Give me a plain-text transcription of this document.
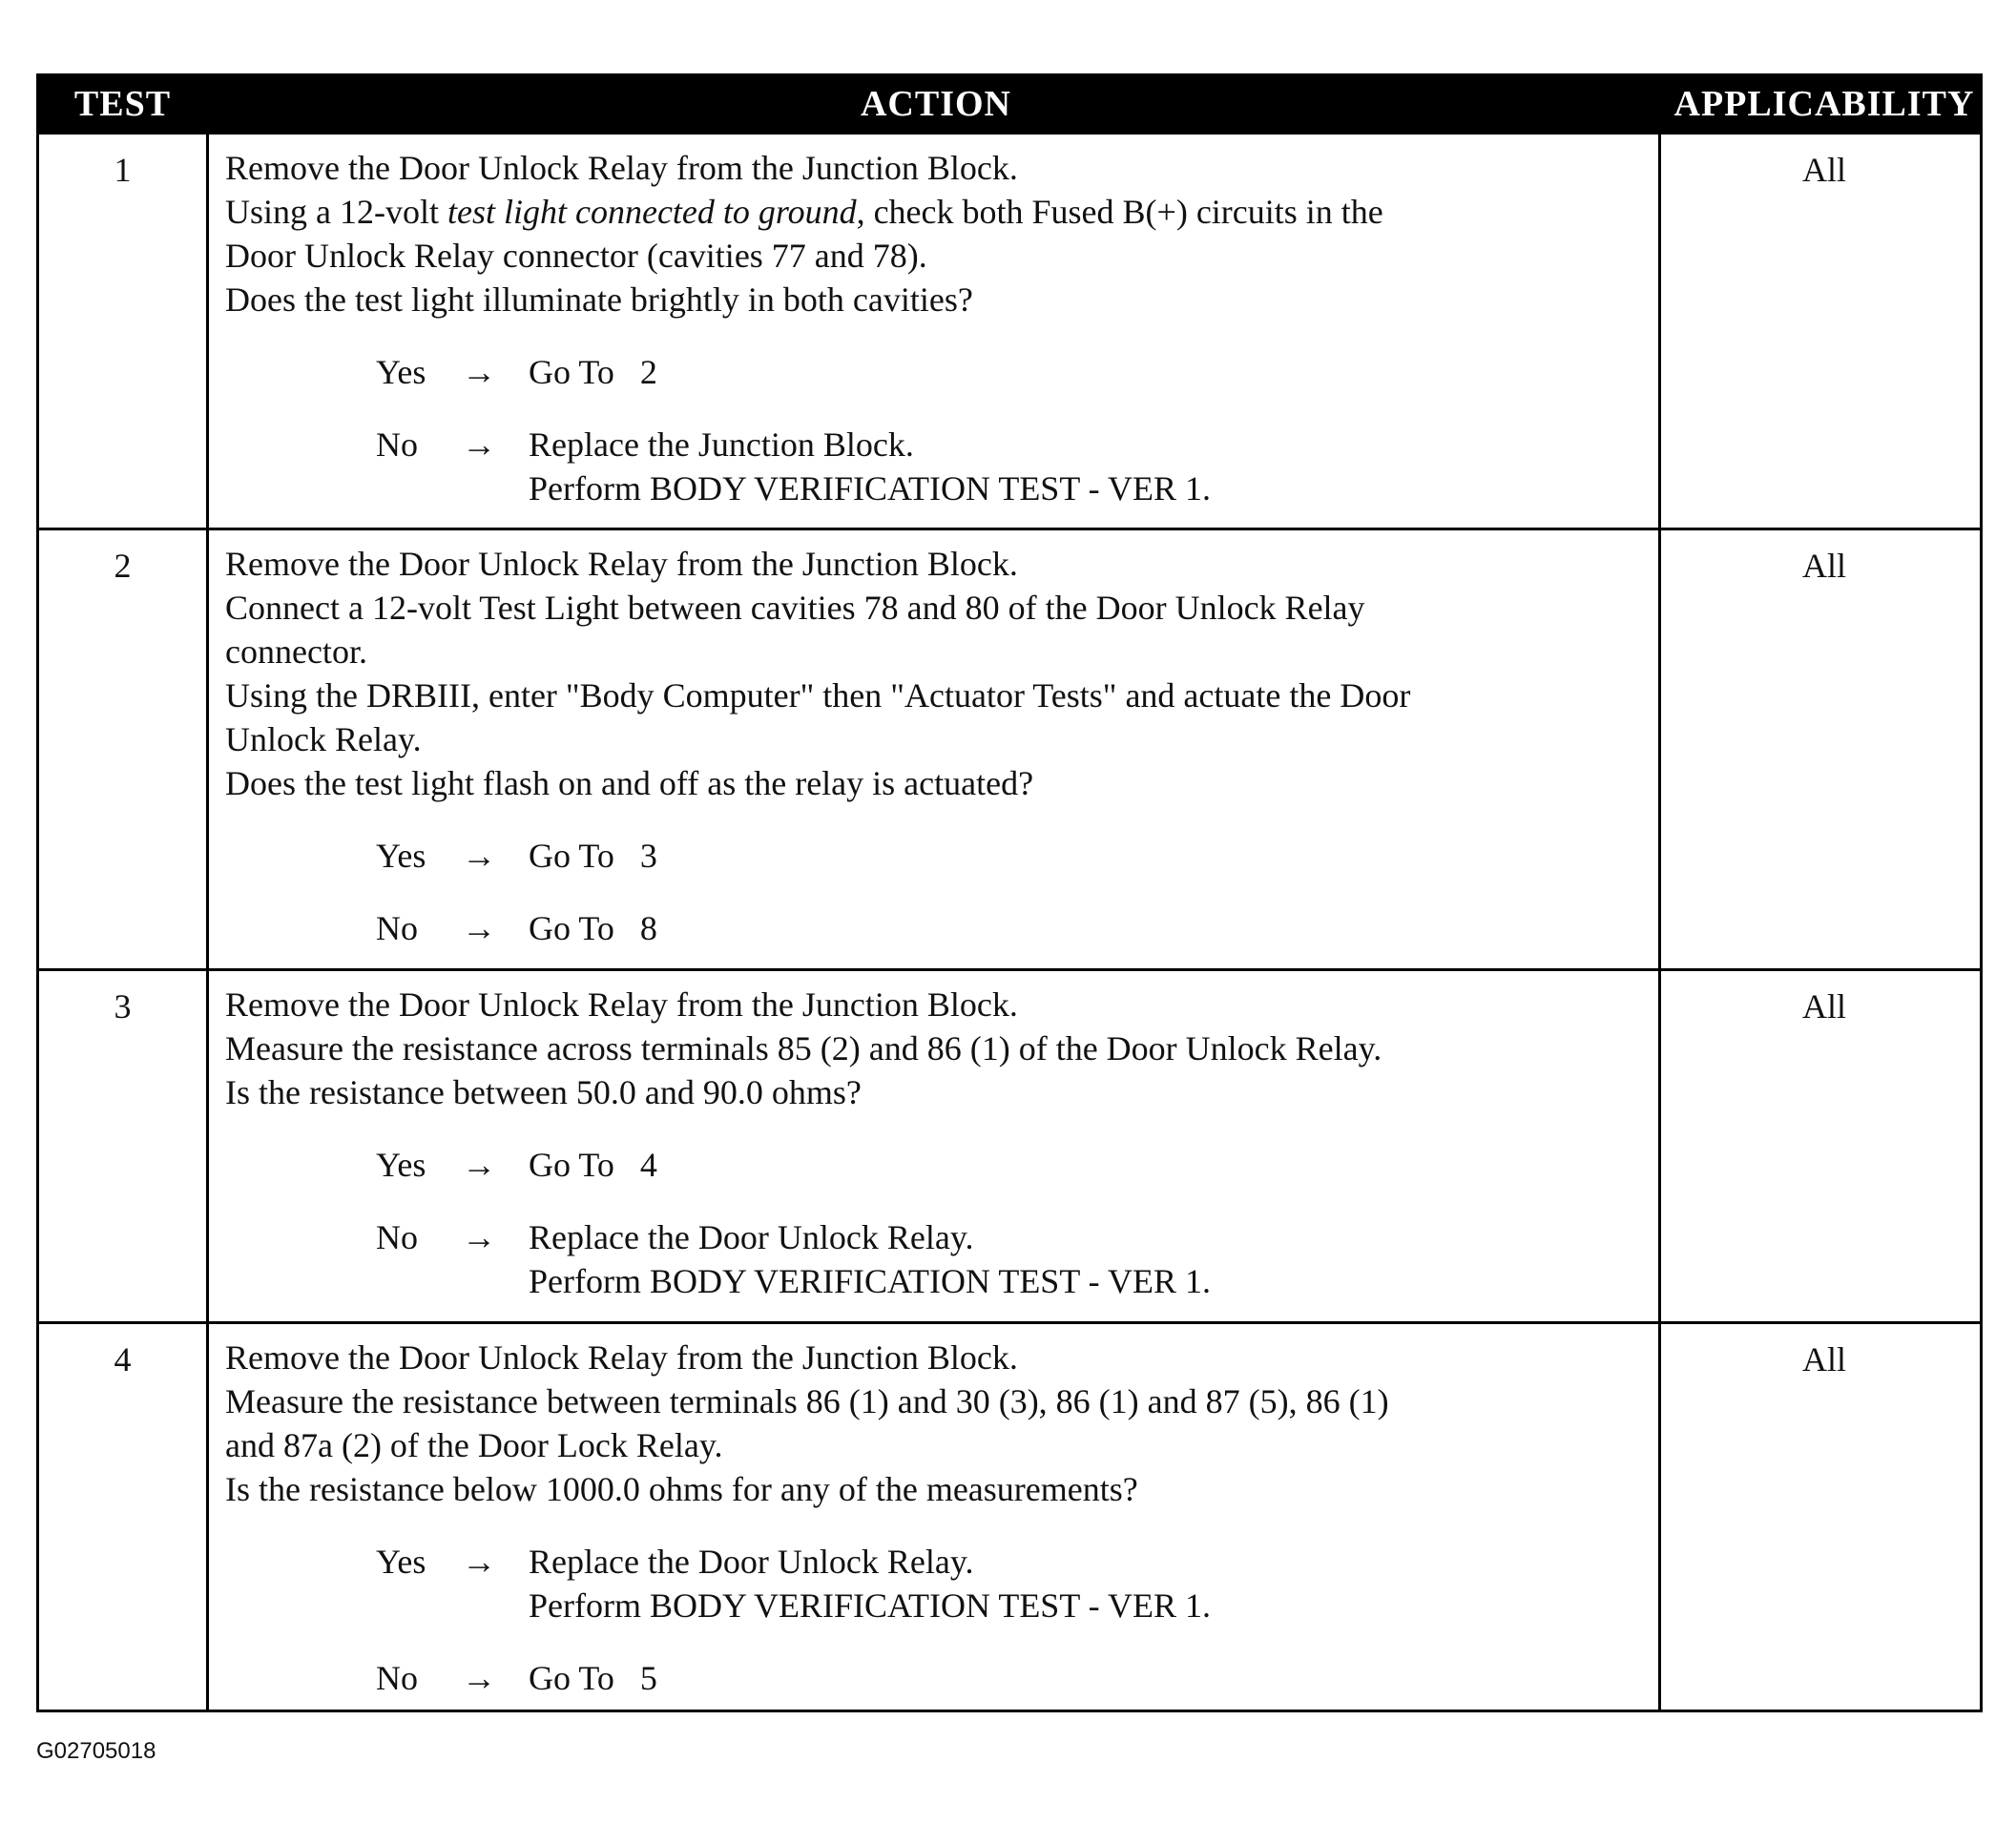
TEST	ACTION	APPLICABILITY
1	Remove the Door Unlock Relay from the Junction Block.
Using a 12-volt test light connected to ground, check both Fused B(+) circuits in the
Door Unlock Relay connector (cavities 77 and 78).
Does the test light illuminate brightly in both cavities?
Yes → Go To   2
No → Replace the Junction Block.
Perform BODY VERIFICATION TEST - VER 1.
All
2	Remove the Door Unlock Relay from the Junction Block.
Connect a 12-volt Test Light between cavities 78 and 80 of the Door Unlock Relay
connector.
Using the DRBIII, enter "Body Computer" then "Actuator Tests" and actuate the Door
Unlock Relay.
Does the test light flash on and off as the relay is actuated?
Yes → Go To   3
No → Go To   8
All
3	Remove the Door Unlock Relay from the Junction Block.
Measure the resistance across terminals 85 (2) and 86 (1) of the Door Unlock Relay.
Is the resistance between 50.0 and 90.0 ohms?
Yes → Go To   4
No → Replace the Door Unlock Relay.
Perform BODY VERIFICATION TEST - VER 1.
All
4	Remove the Door Unlock Relay from the Junction Block.
Measure the resistance between terminals 86 (1) and 30 (3), 86 (1) and 87 (5), 86 (1)
and 87a (2) of the Door Lock Relay.
Is the resistance below 1000.0 ohms for any of the measurements?
Yes → Replace the Door Unlock Relay.
Perform BODY VERIFICATION TEST - VER 1.
No → Go To   5
All
G02705018
